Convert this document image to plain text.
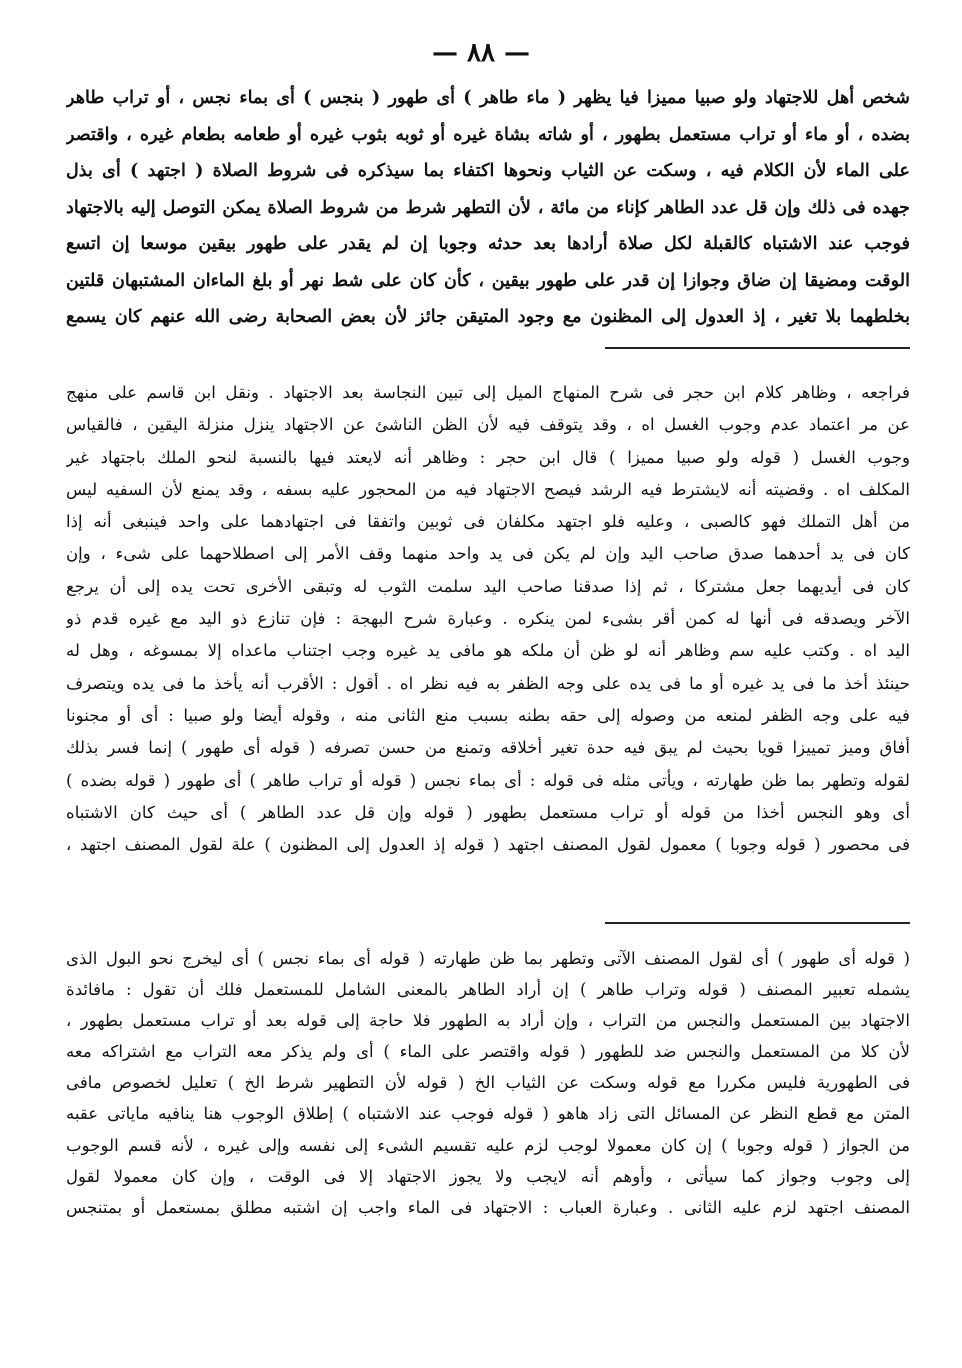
— ٨٨ —
شخص أهل للاجتهاد ولو صبيا مميزا فيا يظهر ( ماء طاهر ) أى طهور ( بنجس ) أى بماء نجس ، أو تراب طاهر
بضده ، أو ماء أو تراب مستعمل بطهور ، أو شاته بشاة غيره أو ثوبه بثوب غيره أو طعامه بطعام غيره ، واقتصر
على الماء لأن الكلام فيه ، وسكت عن الثياب ونحوها اكتفاء بما سيذكره فى شروط الصلاة ( اجتهد ) أى بذل
جهده فى ذلك وإن قل عدد الطاهر كإناء من مائة ، لأن التطهر شرط من شروط الصلاة يمكن التوصل إليه بالاجتهاد
فوجب عند الاشتباه كالقبلة لكل صلاة أرادها بعد حدثه وجوبا إن لم يقدر على طهور بيقين موسعا إن اتسع
الوقت ومضيقا إن ضاق وجوازا إن قدر على طهور بيقين ، كأن كان على شط نهر أو بلغ الماءان المشتبهان قلتين
بخلطهما بلا تغير ، إذ العدول إلى المظنون مع وجود المتيقن جائز لأن بعض الصحابة رضى الله عنهم كان يسمع
فراجعه ، وظاهر كلام ابن حجر فى شرح المنهاج الميل إلى تبين النجاسة بعد الاجتهاد . ونقل ابن قاسم على منهج
عن مر اعتماد عدم وجوب الغسل اه ، وقد يتوقف فيه لأن الظن الناشئ عن الاجتهاد ينزل منزلة اليقين ، فالقياس
وجوب الغسل ( قوله ولو صبيا مميزا ) قال ابن حجر : وظاهر أنه لايعتد فيها بالنسبة لنحو الملك باجتهاد غير
المكلف اه . وقضيته أنه لايشترط فيه الرشد فيصح الاجتهاد فيه من المحجور عليه بسفه ، وقد يمنع لأن السفيه ليس
من أهل التملك فهو كالصبى ، وعليه فلو اجتهد مكلفان فى ثوبين واتفقا فى اجتهادهما على واحد فينبغى أنه إذا
كان فى يد أحدهما صدق صاحب اليد وإن لم يكن فى يد واحد منهما وقف الأمر إلى اصطلاحهما على شىء ، وإن
كان فى أيديهما جعل مشتركا ، ثم إذا صدقنا صاحب اليد سلمت الثوب له وتبقى الأخرى تحت يده إلى أن يرجع
الآخر ويصدقه فى أنها له كمن أقر بشىء لمن ينكره . وعبارة شرح البهجة : فإن تنازع ذو اليد مع غيره قدم ذو
اليد اه . وكتب عليه سم وظاهر أنه لو ظن أن ملكه هو مافى يد غيره وجب اجتناب ماعداه إلا بمسوغه ، وهل له
حينئذ أخذ ما فى يد غيره أو ما فى يده على وجه الظفر به فيه نظر اه . أقول : الأقرب أنه يأخذ ما فى يده ويتصرف
فيه على وجه الظفر لمنعه من وصوله إلى حقه بطنه بسبب منع الثانى منه ، وقوله أيضا ولو صبيا : أى أو مجنونا
أفاق وميز تمييزا قويا بحيث لم يبق فيه حدة تغير أخلاقه وتمنع من حسن تصرفه ( قوله أى طهور ) إنما فسر بذلك
لقوله وتطهر بما ظن طهارته ، ويأتى مثله فى قوله : أى بماء نجس ( قوله أو تراب طاهر ) أى طهور ( قوله بضده )
أى وهو النجس أخذا من قوله أو تراب مستعمل بطهور ( قوله وإن قل عدد الطاهر ) أى حيث كان الاشتباه
فى محصور ( قوله وجوبا ) معمول لقول المصنف اجتهد ( قوله إذ العدول إلى المظنون ) علة لقول المصنف اجتهد ،
( قوله أى طهور ) أى لقول المصنف الآتى وتطهر بما ظن طهارته ( قوله أى بماء نجس ) أى ليخرج نحو البول الذى
يشمله تعبير المصنف ( قوله وتراب طاهر ) إن أراد الطاهر بالمعنى الشامل للمستعمل فلك أن تقول : مافائدة
الاجتهاد بين المستعمل والنجس من التراب ، وإن أراد به الطهور فلا حاجة إلى قوله بعد أو تراب مستعمل بطهور ،
لأن كلا من المستعمل والنجس ضد للطهور ( قوله واقتصر على الماء ) أى ولم يذكر معه التراب مع اشتراكه معه
فى الطهورية فليس مكررا مع قوله وسكت عن الثياب الخ ( قوله لأن التطهير شرط الخ ) تعليل لخصوص مافى
المتن مع قطع النظر عن المسائل التى زاد هاهو ( قوله فوجب عند الاشتباه ) إطلاق الوجوب هنا ينافيه ماياتى عقبه
من الجواز ( قوله وجوبا ) إن كان معمولا لوجب لزم عليه تقسيم الشىء إلى نفسه وإلى غيره ، لأنه قسم الوجوب
إلى وجوب وجواز كما سيأتى ، وأوهم أنه لايجب ولا يجوز الاجتهاد إلا فى الوقت ، وإن كان معمولا لقول
المصنف اجتهد لزم عليه الثانى . وعبارة العباب : الاجتهاد فى الماء واجب إن اشتبه مطلق بمستعمل أو بمتنجس
